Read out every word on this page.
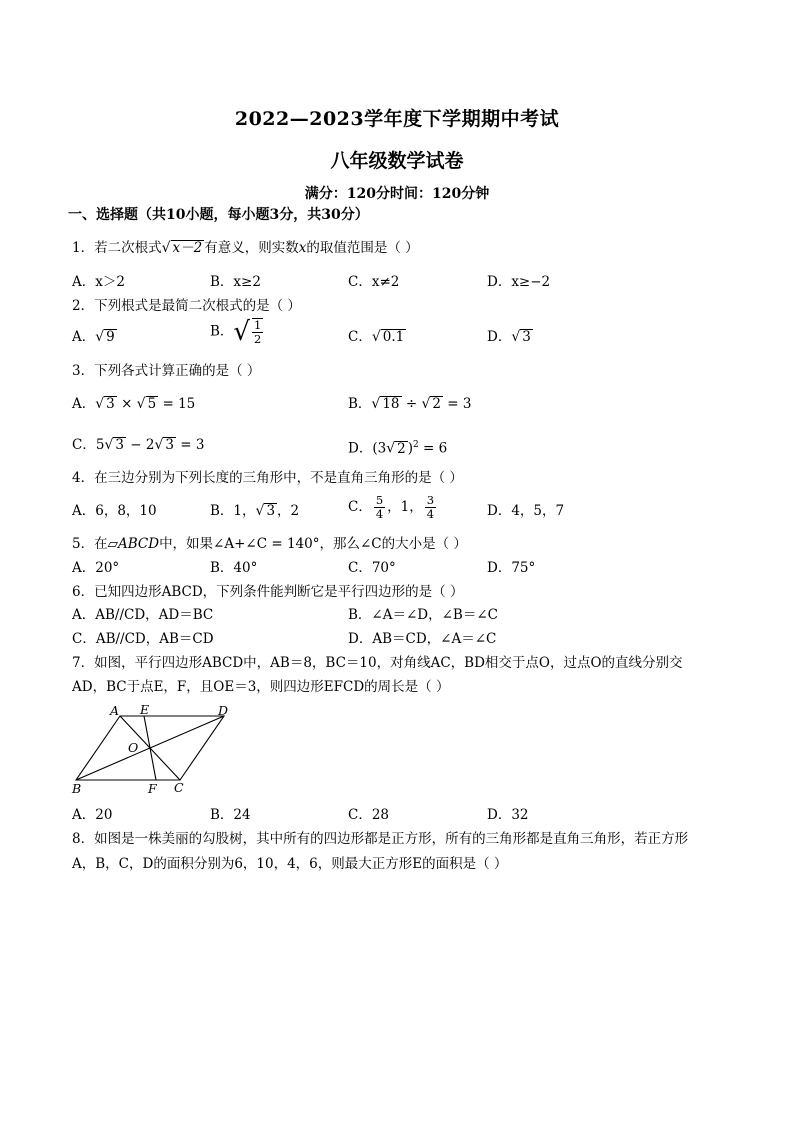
2022—2023学年度下学期期中考试
八年级数学试卷
满分：120分时间：120分钟
一、选择题（共10小题，每小题3分，共30分）
1．若二次根式√ x－2 有意义，则实数x的取值范围是（ ）
A．x＞2	B．x≥2	C．x≠2	D．x≥−2
2．下列根式是最简二次根式的是（ ）
A．√ 9	B．√ $\frac{1}{2}$	C．√ 0.1	D．√ 3
3．下列各式计算正确的是（ ）
A．√ 3 × √ 5 = 15	B．√ 18 ÷ √ 2 = 3
C．5√ 3 − 2√ 3 = 3	D．(3√ 2 )$^2$ = 6
4．在三边分别为下列长度的三角形中，不是直角三角形的是（ ）
A．6，8，10	B．1，√ 3 ，2	C． $\frac{5}{4}$ ，1， $\frac{3}{4}$	D．4，5，7
5．在▱ABCD中，如果∠A+∠C = 140°，那么∠C的大小是（ ）
A．20°	B．40°	C．70°	D．75°
6．已知四边形ABCD，下列条件能判断它是平行四边形的是（ ）
A．AB//CD，AD＝BC	B．∠A＝∠D，∠B＝∠C
C．AB//CD，AB＝CD	D．AB＝CD，∠A＝∠C
7．如图，平行四边形ABCD中，AB＝8，BC＝10，对角线AC，BD相交于点O，过点O的直线分别交
AD，BC于点E，F，且OE＝3，则四边形EFCD的周长是（ ）
A E	D
O
B	F C
A．20	B．24	C．28	D．32
8．如图是一株美丽的勾股树，其中所有的四边形都是正方形，所有的三角形都是直角三角形，若正方形
A，B，C，D的面积分别为6，10，4，6，则最大正方形E的面积是（ ）
